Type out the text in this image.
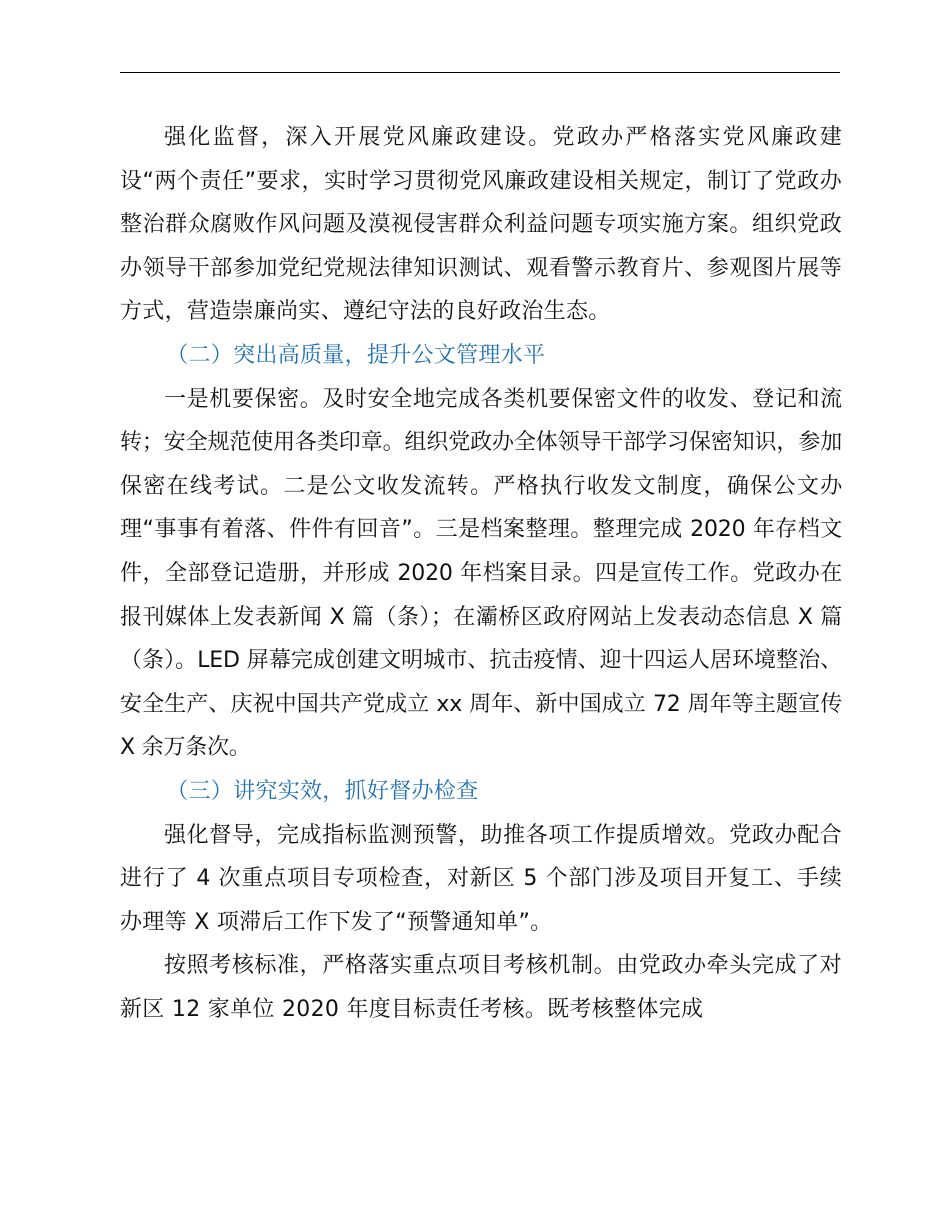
强化监督，深入开展党风廉政建设。党政办严格落实党风廉政建设“两个责任”要求，实时学习贯彻党风廉政建设相关规定，制订了党政办整治群众腐败作风问题及漠视侵害群众利益问题专项实施方案。组织党政办领导干部参加党纪党规法律知识测试、观看警示教育片、参观图片展等方式，营造崇廉尚实、遵纪守法的良好政治生态。

（二）突出高质量，提升公文管理水平

一是机要保密。及时安全地完成各类机要保密文件的收发、登记和流转；安全规范使用各类印章。组织党政办全体领导干部学习保密知识，参加保密在线考试。二是公文收发流转。严格执行收发文制度，确保公文办理“事事有着落、件件有回音”。三是档案整理。整理完成 2020 年存档文件，全部登记造册，并形成 2020 年档案目录。四是宣传工作。党政办在报刊媒体上发表新闻 X 篇（条）；在灞桥区政府网站上发表动态信息 X 篇（条）。LED 屏幕完成创建文明城市、抗击疫情、迎十四运人居环境整治、安全生产、庆祝中国共产党成立 xx 周年、新中国成立 72 周年等主题宣传 X 余万条次。

（三）讲究实效，抓好督办检查

强化督导，完成指标监测预警，助推各项工作提质增效。党政办配合进行了 4 次重点项目专项检查，对新区 5 个部门涉及项目开复工、手续办理等 X 项滞后工作下发了“预警通知单”。

按照考核标准，严格落实重点项目考核机制。由党政办牵头完成了对新区 12 家单位 2020 年度目标责任考核。既考核整体完成
